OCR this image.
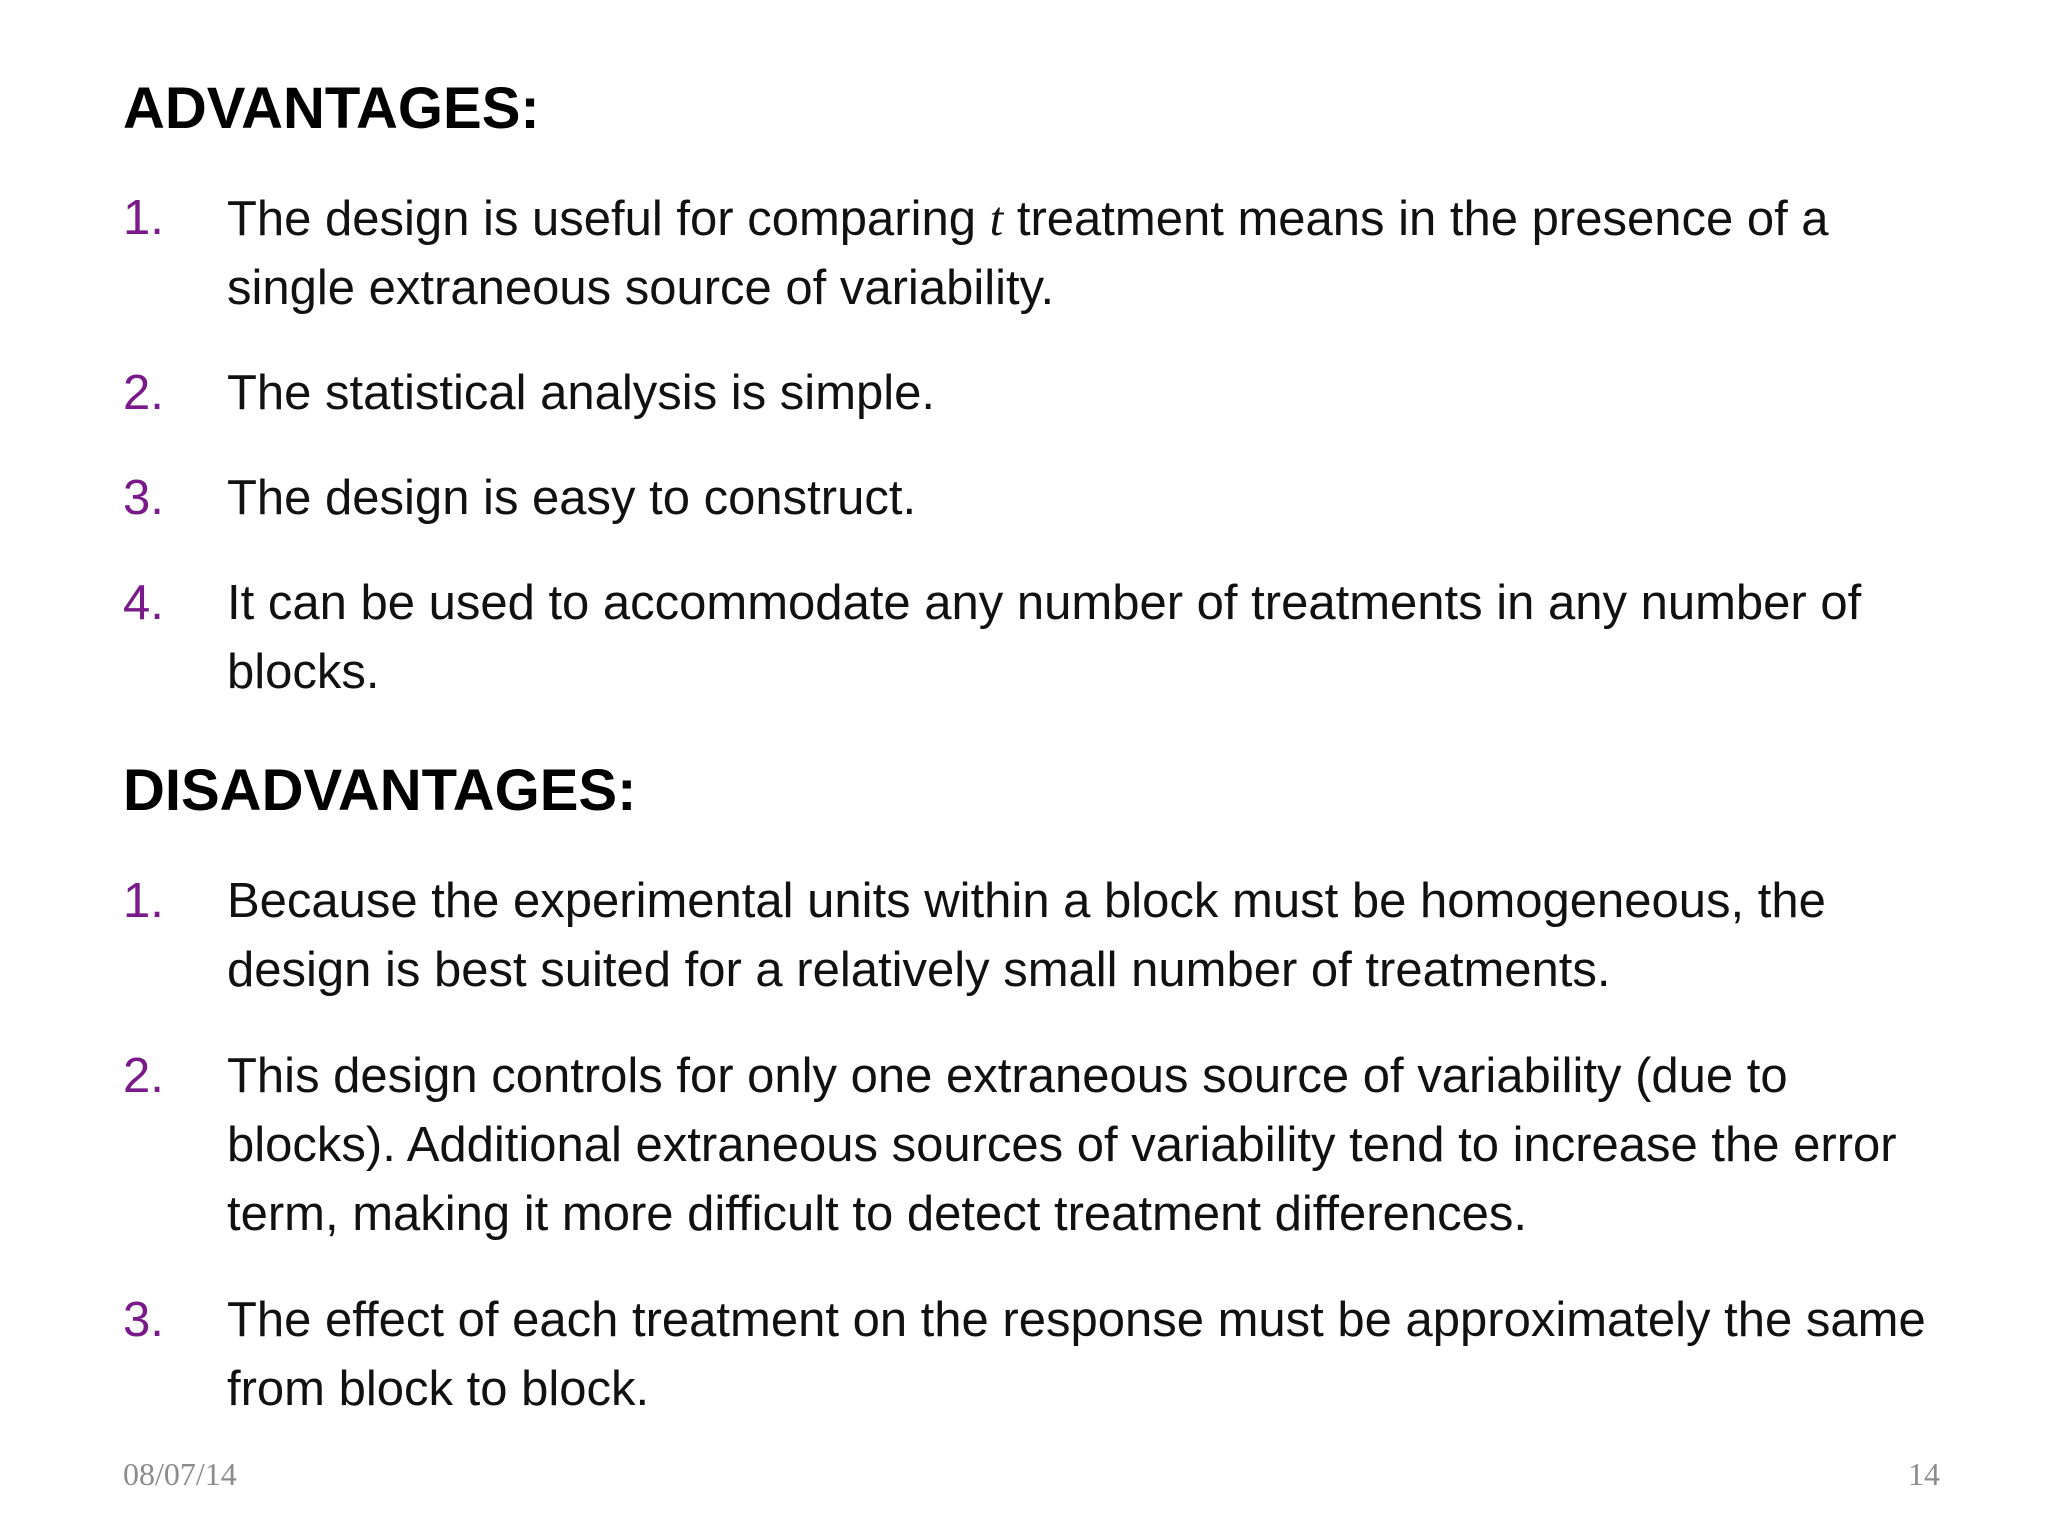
ADVANTAGES:
1. The design is useful for comparing t treatment means in the presence of a single extraneous source of variability.
2. The statistical analysis is simple.
3. The design is easy to construct.
4. It can be used to accommodate any number of treatments in any number of blocks.
DISADVANTAGES:
1. Because the experimental units within a block must be homogeneous, the design is best suited for a relatively small number of treatments.
2. This design controls for only one extraneous source of variability (due to blocks). Additional extraneous sources of variability tend to increase the error term, making it more difficult to detect treatment differences.
3. The effect of each treatment on the response must be approximately the same from block to block.
08/07/14	14
